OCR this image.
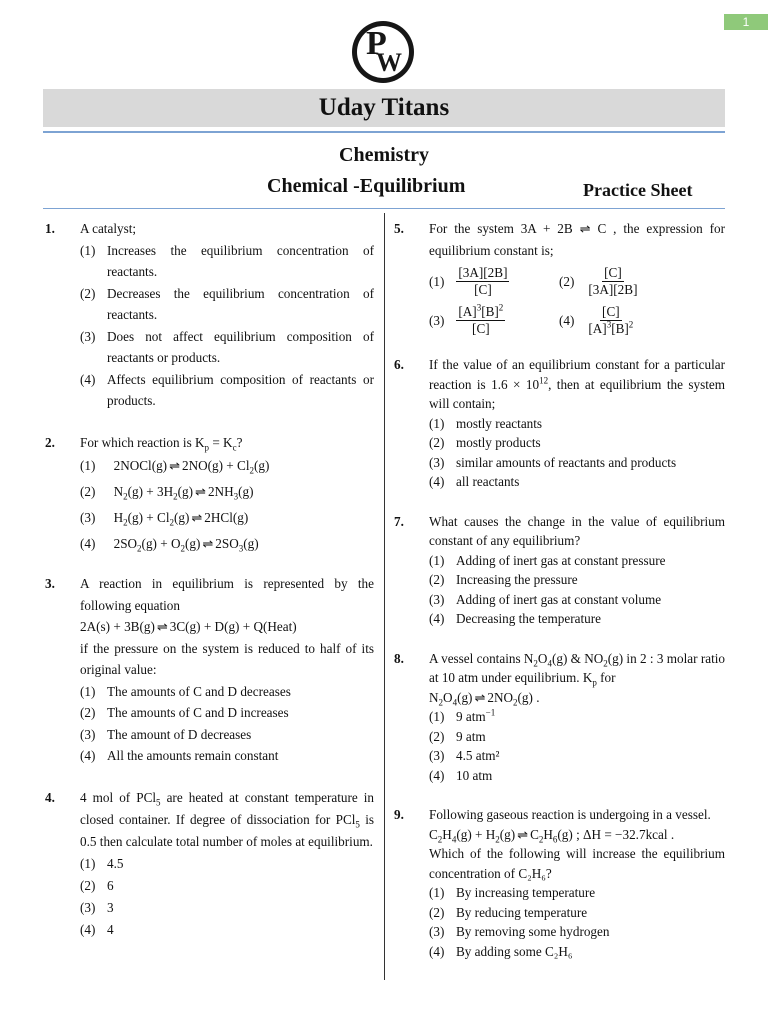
1
P
W
Uday Titans
Chemistry
Chemical -Equilibrium	Practice Sheet
1. A catalyst;
(1) Increases the equilibrium concentration of reactants.
(2) Decreases the equilibrium concentration of reactants.
(3) Does not affect equilibrium composition of reactants or products.
(4) Affects equilibrium composition of reactants or products.
2. For which reaction is $K_p = K_c$?
(1) 2NOCl(g) ⇌ $2NO(g) + Cl_2(g)$
(2) $N_2(g) + 3H_2(g)$ ⇌ $2NH_3(g)$
(3) $H_2(g) + Cl_2(g)$ ⇌ 2HCl(g)
(4) $2SO_2(g) + O_2(g)$ ⇌ $2SO_3(g)$
3. A reaction in equilibrium is represented by the following equation
2A(s) + 3B(g) ⇌ 3C(g) + D(g) + Q(Heat)
if the pressure on the system is reduced to half of its original value:
(1) The amounts of C and D decreases
(2) The amounts of C and D increases
(3) The amount of D decreases
(4) All the amounts remain constant
4. 4 mol of PCl$_5$ are heated at constant temperature in closed container. If degree of dissociation for PCl$_5$ is 0.5 then calculate total number of moles at equilibrium.
(1) 4.5
(2) 6
(3) 3
(4) 4
5. For the system 3A + 2B ⇌ C , the expression for equilibrium constant is;
$(1) \frac{[3A][2B]}{[C]}$	$(2) \frac{[C]}{[3A][2B]}$
$(3) \frac{[A]^3[B]^2}{[C]}$	$(4) \frac{[C]}{[A]^3[B]^2}$
6. If the value of an equilibrium constant for a particular reaction is $1.6 \times 10^{12}$, then at equilibrium the system will contain;
(1) mostly reactants
(2) mostly products
(3) similar amounts of reactants and products
(4) all reactants
7. What causes the change in the value of equilibrium constant of any equilibrium?
(1) Adding of inert gas at constant pressure
(2) Increasing the pressure
(3) Adding of inert gas at constant volume
(4) Decreasing the temperature
8. A vessel contains $N_2O_4(g)$ & $NO_2(g)$ in 2 : 3 molar ratio at 10 atm under equilibrium. $K_p$ for
$N_2O_4(g)$ ⇌ $2NO_2(g)$ .
(1) 9 atm$^{-1}$
(2) 9 atm
(3) 4.5 atm²
(4) 10 atm
9. Following gaseous reaction is undergoing in a vessel.
$C_2H_4(g) + H_2(g)$ ⇌ $C_2H_6(g)$ ; ΔH = −32.7kcal .
Which of the following will increase the equilibrium concentration of C₂H₆?
(1) By increasing temperature
(2) By reducing temperature
(3) By removing some hydrogen
(4) By adding some C₂H₆
